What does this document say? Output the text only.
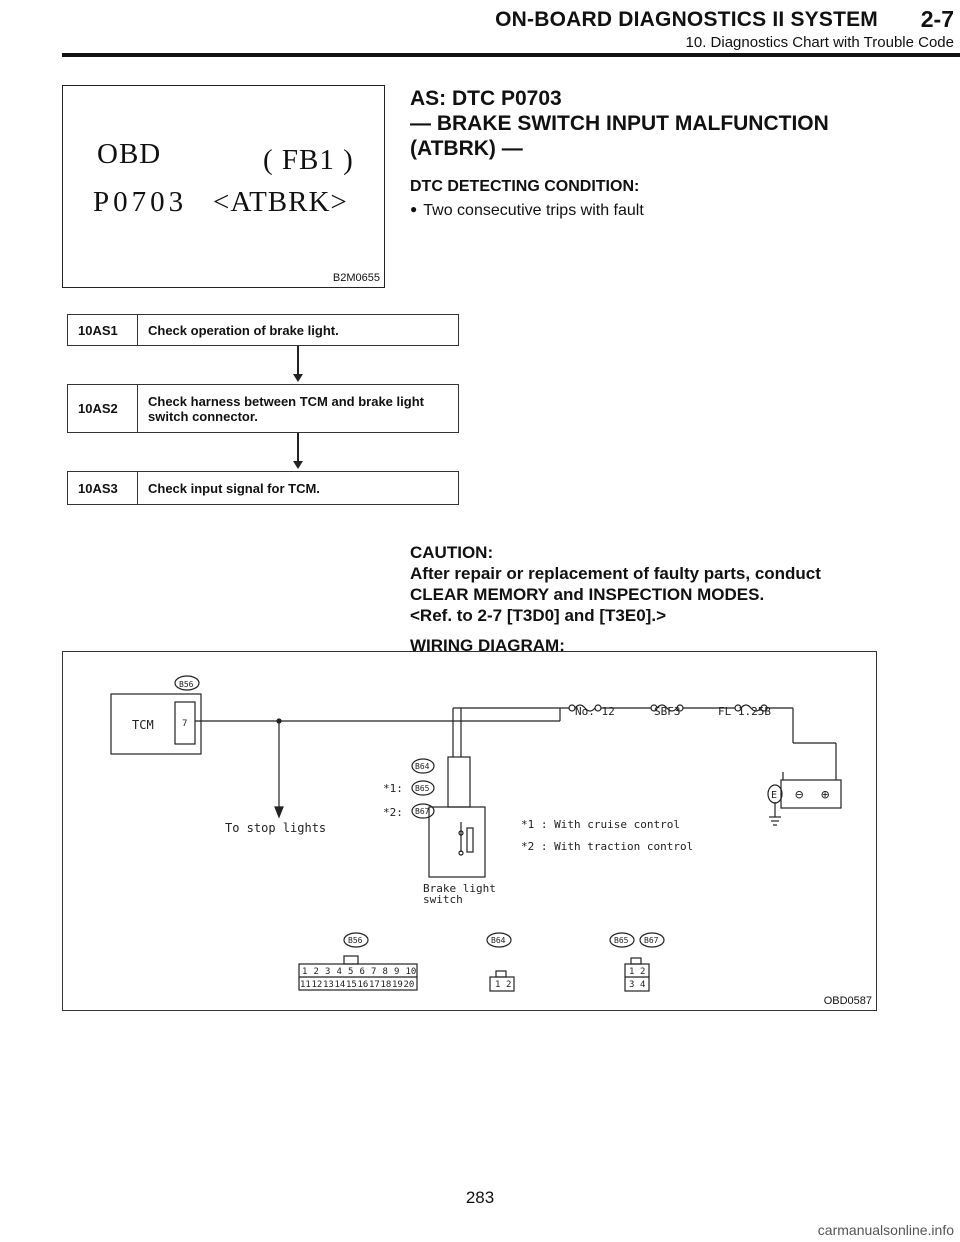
ON-BOARD DIAGNOSTICS II SYSTEM	2-7
10. Diagnostics Chart with Trouble Code
OBD	( FB1 )
P0703 <ATBRK>
B2M0655
AS: DTC P0703
— BRAKE SWITCH INPUT MALFUNCTION
(ATBRK) —
DTC DETECTING CONDITION:
● Two consecutive trips with fault
10AS1	Check operation of brake light.
10AS2	Check harness between TCM and brake light switch connector.
10AS3	Check input signal for TCM.
CAUTION:
After repair or replacement of faulty parts, conduct
CLEAR MEMORY and INSPECTION MODES.
<Ref. to 2-7 [T3D0] and [T3E0].>
WIRING DIAGRAM:
TCM	7
B56
No. 12	SBF3	FL 1.25B
To stop lights
B64
B65
B67
*1:
*2:
*1 : With cruise control
*2 : With traction control
Brake light
switch
E ⊖ ⊕
B56	B64	B65 B67
1 2 3 4 5 6 7 8 9 10
11 12 13 14 15 16 17 18 19 20	1 2
1 2
3 4
OBD0587
283
carmanualsonline.info
